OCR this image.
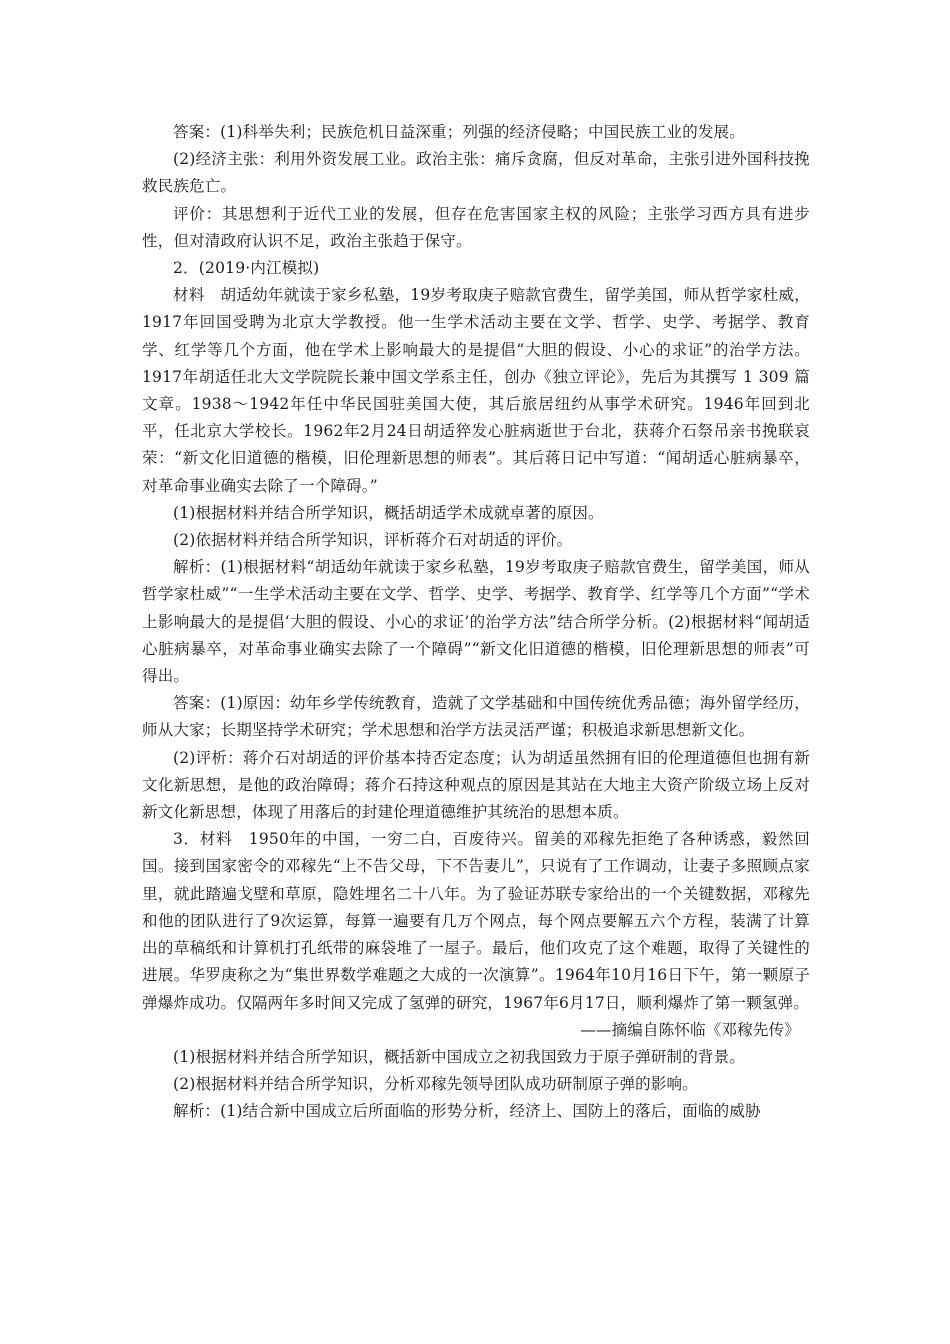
答案：(1)科举失利；民族危机日益深重；列强的经济侵略；中国民族工业的发展。

(2)经济主张：利用外资发展工业。政治主张：痛斥贪腐，但反对革命，主张引进外国科技挽救民族危亡。

评价：其思想利于近代工业的发展，但存在危害国家主权的风险；主张学习西方具有进步性，但对清政府认识不足，政治主张趋于保守。

2．(2019·内江模拟)

材料　胡适幼年就读于家乡私塾，19岁考取庚子赔款官费生，留学美国，师从哲学家杜威，1917年回国受聘为北京大学教授。他一生学术活动主要在文学、哲学、史学、考据学、教育学、红学等几个方面，他在学术上影响最大的是提倡“大胆的假设、小心的求证”的治学方法。1917年胡适任北大文学院院长兼中国文学系主任，创办《独立评论》，先后为其撰写 1 309 篇文章。1938～1942年任中华民国驻美国大使，其后旅居纽约从事学术研究。1946年回到北平，任北京大学校长。1962年2月24日胡适猝发心脏病逝世于台北，获蒋介石祭吊亲书挽联哀荣：“新文化旧道德的楷模，旧伦理新思想的师表”。其后蒋日记中写道：“闻胡适心脏病暴卒，对革命事业确实去除了一个障碍。”

(1)根据材料并结合所学知识，概括胡适学术成就卓著的原因。

(2)依据材料并结合所学知识，评析蒋介石对胡适的评价。

解析：(1)根据材料“胡适幼年就读于家乡私塾，19岁考取庚子赔款官费生，留学美国，师从哲学家杜威”“一生学术活动主要在文学、哲学、史学、考据学、教育学、红学等几个方面”“学术上影响最大的是提倡‘大胆的假设、小心的求证’的治学方法”结合所学分析。(2)根据材料“闻胡适心脏病暴卒，对革命事业确实去除了一个障碍”“新文化旧道德的楷模，旧伦理新思想的师表”可得出。

答案：(1)原因：幼年乡学传统教育，造就了文学基础和中国传统优秀品德；海外留学经历，师从大家；长期坚持学术研究；学术思想和治学方法灵活严谨；积极追求新思想新文化。

(2)评析：蒋介石对胡适的评价基本持否定态度；认为胡适虽然拥有旧的伦理道德但也拥有新文化新思想，是他的政治障碍；蒋介石持这种观点的原因是其站在大地主大资产阶级立场上反对新文化新思想，体现了用落后的封建伦理道德维护其统治的思想本质。

3．材料　1950年的中国，一穷二白，百废待兴。留美的邓稼先拒绝了各种诱惑，毅然回国。接到国家密令的邓稼先“上不告父母，下不告妻儿”，只说有了工作调动，让妻子多照顾点家里，就此踏遍戈壁和草原，隐姓埋名二十八年。为了验证苏联专家给出的一个关键数据，邓稼先和他的团队进行了9次运算，每算一遍要有几万个网点，每个网点要解五六个方程，装满了计算出的草稿纸和计算机打孔纸带的麻袋堆了一屋子。最后，他们攻克了这个难题，取得了关键性的进展。华罗庚称之为“集世界数学难题之大成的一次演算”。1964年10月16日下午，第一颗原子弹爆炸成功。仅隔两年多时间又完成了氢弹的研究，1967年6月17日，顺利爆炸了第一颗氢弹。

——摘编自陈怀临《邓稼先传》

(1)根据材料并结合所学知识，概括新中国成立之初我国致力于原子弹研制的背景。

(2)根据材料并结合所学知识，分析邓稼先领导团队成功研制原子弹的影响。

解析：(1)结合新中国成立后所面临的形势分析，经济上、国防上的落后，面临的威胁
